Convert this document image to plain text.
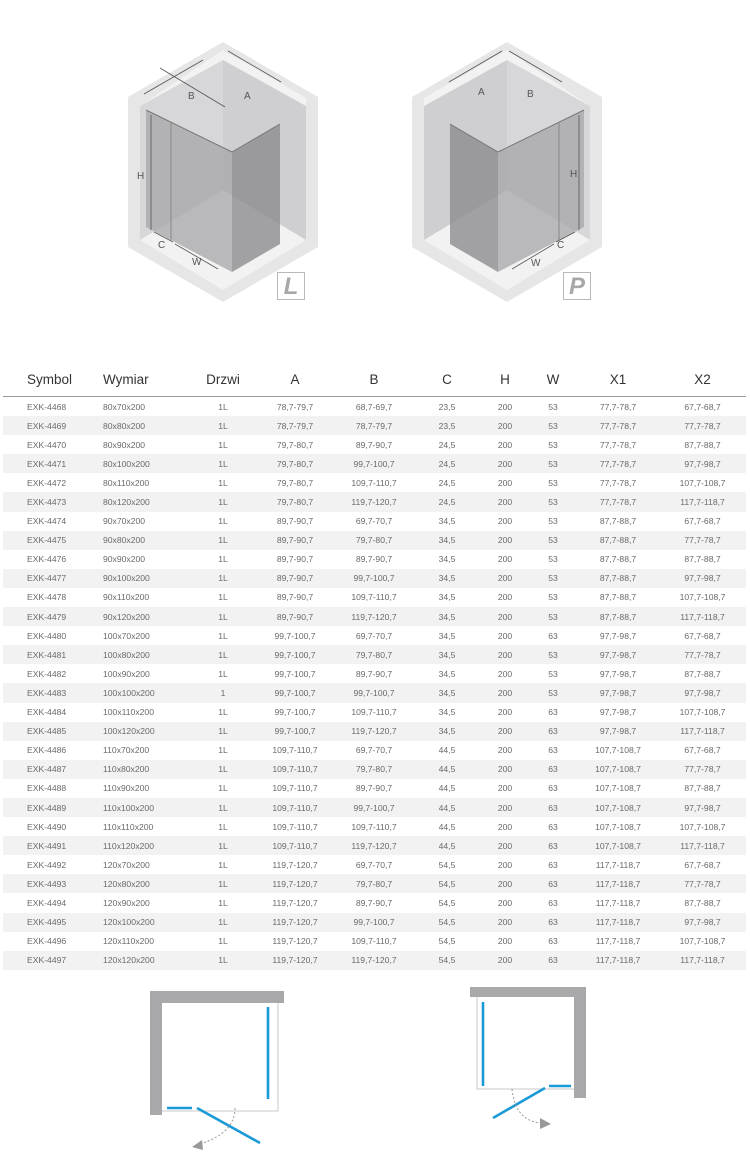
B	A
H
C
W
L
A	B
H
C
W
P
Symbol	Wymiar	Drzwi	A	B	C	H	W	X1	X2
EXK-4468	80x70x200	1L	78,7-79,7	68,7-69,7	23,5	200	53	77,7-78,7	67,7-68,7
EXK-4469	80x80x200	1L	78,7-79,7	78,7-79,7	23,5	200	53	77,7-78,7	77,7-78,7
EXK-4470	80x90x200	1L	79,7-80,7	89,7-90,7	24,5	200	53	77,7-78,7	87,7-88,7
EXK-4471	80x100x200	1L	79,7-80,7	99,7-100,7	24,5	200	53	77,7-78,7	97,7-98,7
EXK-4472	80x110x200	1L	79,7-80,7	109,7-110,7	24,5	200	53	77,7-78,7	107,7-108,7
EXK-4473	80x120x200	1L	79,7-80,7	119,7-120,7	24,5	200	53	77,7-78,7	117,7-118,7
EXK-4474	90x70x200	1L	89,7-90,7	69,7-70,7	34,5	200	53	87,7-88,7	67,7-68,7
EXK-4475	90x80x200	1L	89,7-90,7	79,7-80,7	34,5	200	53	87,7-88,7	77,7-78,7
EXK-4476	90x90x200	1L	89,7-90,7	89,7-90,7	34,5	200	53	87,7-88,7	87,7-88,7
EXK-4477	90x100x200	1L	89,7-90,7	99,7-100,7	34,5	200	53	87,7-88,7	97,7-98,7
EXK-4478	90x110x200	1L	89,7-90,7	109,7-110,7	34,5	200	53	87,7-88,7	107,7-108,7
EXK-4479	90x120x200	1L	89,7-90,7	119,7-120,7	34,5	200	53	87,7-88,7	117,7-118,7
EXK-4480	100x70x200	1L	99,7-100,7	69,7-70,7	34,5	200	63	97,7-98,7	67,7-68,7
EXK-4481	100x80x200	1L	99,7-100,7	79,7-80,7	34,5	200	53	97,7-98,7	77,7-78,7
EXK-4482	100x90x200	1L	99,7-100,7	89,7-90,7	34,5	200	53	97,7-98,7	87,7-88,7
EXK-4483	100x100x200	1	99,7-100,7	99,7-100,7	34,5	200	53	97,7-98,7	97,7-98,7
EXK-4484	100x110x200	1L	99,7-100,7	109,7-110,7	34,5	200	63	97,7-98,7	107,7-108,7
EXK-4485	100x120x200	1L	99,7-100,7	119,7-120,7	34,5	200	63	97,7-98,7	117,7-118,7
EXK-4486	110x70x200	1L	109,7-110,7	69,7-70,7	44,5	200	63	107,7-108,7	67,7-68,7
EXK-4487	110x80x200	1L	109,7-110,7	79,7-80,7	44,5	200	63	107,7-108,7	77,7-78,7
EXK-4488	110x90x200	1L	109,7-110,7	89,7-90,7	44,5	200	63	107,7-108,7	87,7-88,7
EXK-4489	110x100x200	1L	109,7-110,7	99,7-100,7	44,5	200	63	107,7-108,7	97,7-98,7
EXK-4490	110x110x200	1L	109,7-110,7	109,7-110,7	44,5	200	63	107,7-108,7	107,7-108,7
EXK-4491	110x120x200	1L	109,7-110,7	119,7-120,7	44,5	200	63	107,7-108,7	117,7-118,7
EXK-4492	120x70x200	1L	119,7-120,7	69,7-70,7	54,5	200	63	117,7-118,7	67,7-68,7
EXK-4493	120x80x200	1L	119,7-120,7	79,7-80,7	54,5	200	63	117,7-118,7	77,7-78,7
EXK-4494	120x90x200	1L	119,7-120,7	89,7-90,7	54,5	200	63	117,7-118,7	87,7-88,7
EXK-4495	120x100x200	1L	119,7-120,7	99,7-100,7	54,5	200	63	117,7-118,7	97,7-98,7
EXK-4496	120x110x200	1L	119,7-120,7	109,7-110,7	54,5	200	63	117,7-118,7	107,7-108,7
EXK-4497	120x120x200	1L	119,7-120,7	119,7-120,7	54,5	200	63	117,7-118,7	117,7-118,7
